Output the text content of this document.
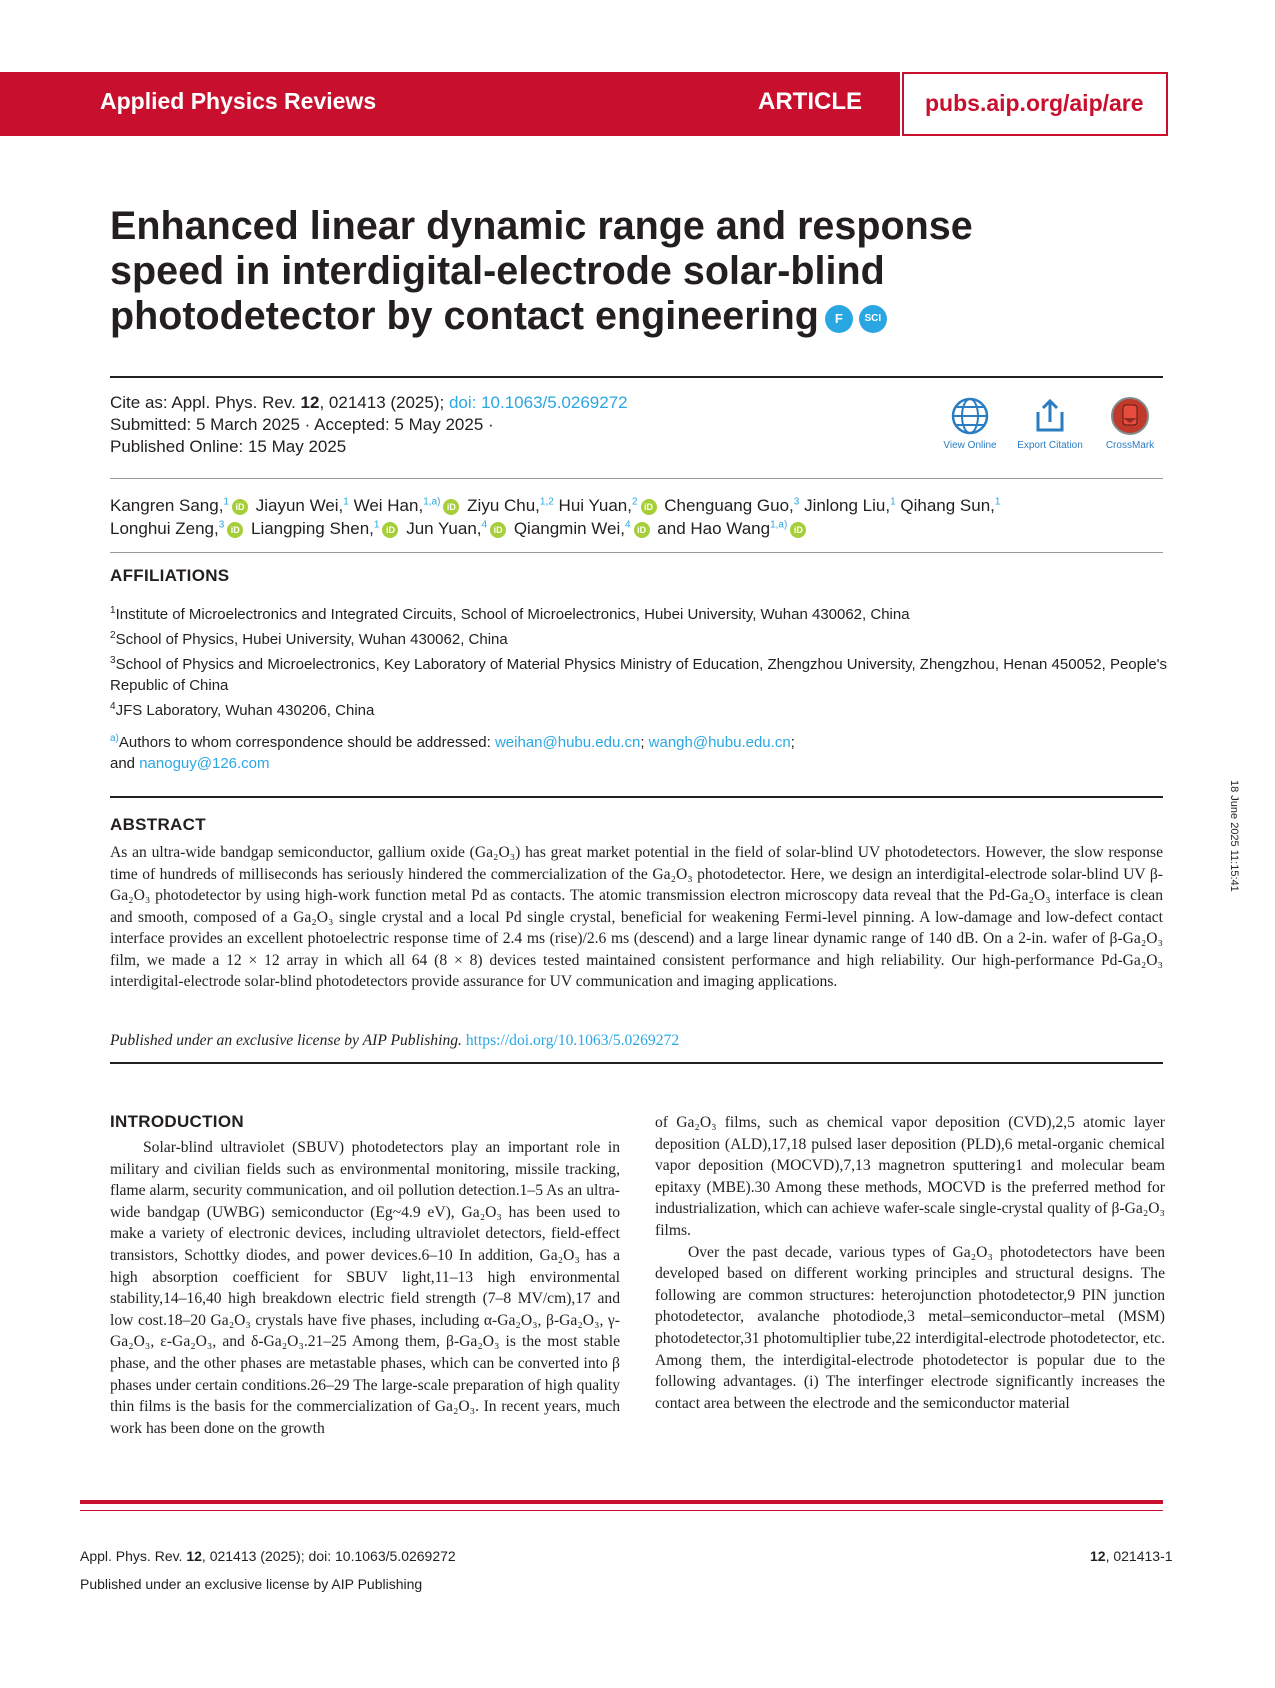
Applied Physics Reviews	ARTICLE	pubs.aip.org/aip/are
Enhanced linear dynamic range and response speed in interdigital-electrode solar-blind photodetector by contact engineering F SCI
Cite as: Appl. Phys. Rev. 12, 021413 (2025); doi: 10.1063/5.0269272
Submitted: 5 March 2025 · Accepted: 5 May 2025 ·
Published Online: 15 May 2025	View Online	Export Citation	CrossMark
Kangren Sang,$^1$ iD Jiayun Wei,$^1$ Wei Han,$^{1,a)}$ iD Ziyu Chu,$^{1,2}$ Hui Yuan,$^2$ iD Chenguang Guo,$^3$ Jinlong Liu,$^1$ Qihang Sun,$^1$
Longhui Zeng,$^3$ iD Liangping Shen,$^1$ iD Jun Yuan,$^4$ iD Qiangmin Wei,$^4$ iD and Hao Wang$^{1,a)}$ iD
AFFILIATIONS

$^1$Institute of Microelectronics and Integrated Circuits, School of Microelectronics, Hubei University, Wuhan 430062, China

$^2$School of Physics, Hubei University, Wuhan 430062, China

$^3$School of Physics and Microelectronics, Key Laboratory of Material Physics Ministry of Education, Zhengzhou University, Zhengzhou, Henan 450052, People's Republic of China

$^4$JFS Laboratory, Wuhan 430206, China

$^{a)}$Authors to whom correspondence should be addressed: weihan@hubu.edu.cn; wangh@hubu.edu.cn;
and nanoguy@126.com
ABSTRACT
As an ultra-wide bandgap semiconductor, gallium oxide (Ga₂O₃) has great market potential in the field of solar-blind UV photodetectors. However, the slow response time of hundreds of milliseconds has seriously hindered the commercialization of the Ga₂O₃ photodetector. Here, we design an interdigital-electrode solar-blind UV β-Ga₂O₃ photodetector by using high-work function metal Pd as contacts. The atomic transmission electron microscopy data reveal that the Pd-Ga₂O₃ interface is clean and smooth, composed of a Ga₂O₃ single crystal and a local Pd single crystal, beneficial for weakening Fermi-level pinning. A low-damage and low-defect contact interface provides an excellent photoelectric response time of 2.4 ms (rise)/2.6 ms (descend) and a large linear dynamic range of 140 dB. On a 2-in. wafer of β-Ga₂O₃ film, we made a 12 × 12 array in which all 64 (8 × 8) devices tested maintained consistent performance and high reliability. Our high-performance Pd-Ga₂O₃ interdigital-electrode solar-blind photodetectors provide assurance for UV communication and imaging applications.
Published under an exclusive license by AIP Publishing. https://doi.org/10.1063/5.0269272
18 June 2025 11:15:41
INTRODUCTION

Solar-blind ultraviolet (SBUV) photodetectors play an important role in military and civilian fields such as environmental monitoring, missile tracking, flame alarm, security communication, and oil pollution detection.1–5 As an ultra-wide bandgap (UWBG) semiconductor (Eg~4.9 eV), Ga₂O₃ has been used to make a variety of electronic devices, including ultraviolet detectors, field-effect transistors, Schottky diodes, and power devices.6–10 In addition, Ga₂O₃ has a high absorption coefficient for SBUV light,11–13 high environmental stability,14–16,40 high breakdown electric field strength (7–8 MV/cm),17 and low cost.18–20 Ga₂O₃ crystals have five phases, including α-Ga₂O₃, β-Ga₂O₃, γ-Ga₂O₃, ε-Ga₂O₃, and δ-Ga₂O₃.21–25 Among them, β-Ga₂O₃ is the most stable phase, and the other phases are metastable phases, which can be converted into β phases under certain conditions.26–29 The large-scale preparation of high quality thin films is the basis for the commercialization of Ga₂O₃. In recent years, much work has been done on the growth

of Ga₂O₃ films, such as chemical vapor deposition (CVD),2,5 atomic layer deposition (ALD),17,18 pulsed laser deposition (PLD),6 metal-organic chemical vapor deposition (MOCVD),7,13 magnetron sputtering1 and molecular beam epitaxy (MBE).30 Among these methods, MOCVD is the preferred method for industrialization, which can achieve wafer-scale single-crystal quality of β-Ga₂O₃ films.

Over the past decade, various types of Ga₂O₃ photodetectors have been developed based on different working principles and structural designs. The following are common structures: heterojunction photodetector,9 PIN junction photodetector, avalanche photodiode,3 metal–semiconductor–metal (MSM) photodetector,31 photomultiplier tube,22 interdigital-electrode photodetector, etc. Among them, the interdigital-electrode photodetector is popular due to the following advantages. (i) The interfinger electrode significantly increases the contact area between the electrode and the semiconductor material

Appl. Phys. Rev. 12, 021413 (2025); doi: 10.1063/5.0269272
Published under an exclusive license by AIP Publishing
12, 021413-1
